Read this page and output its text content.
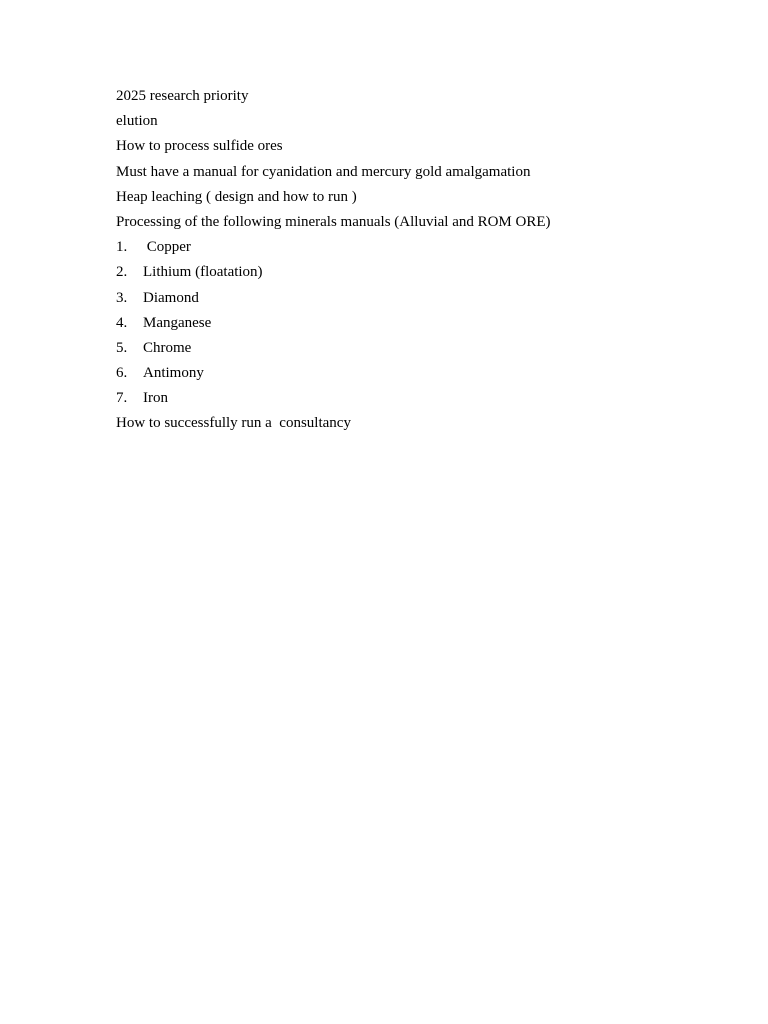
2025 research priority
elution
How to process sulfide ores
Must have a manual for cyanidation and mercury gold amalgamation
Heap leaching ( design and how to run )
Processing of the following minerals manuals (Alluvial and ROM ORE)
1.	Copper
2.	Lithium (floatation)
3.	Diamond
4.	Manganese
5.	Chrome
6.	Antimony
7.	Iron
How to successfully run a  consultancy
